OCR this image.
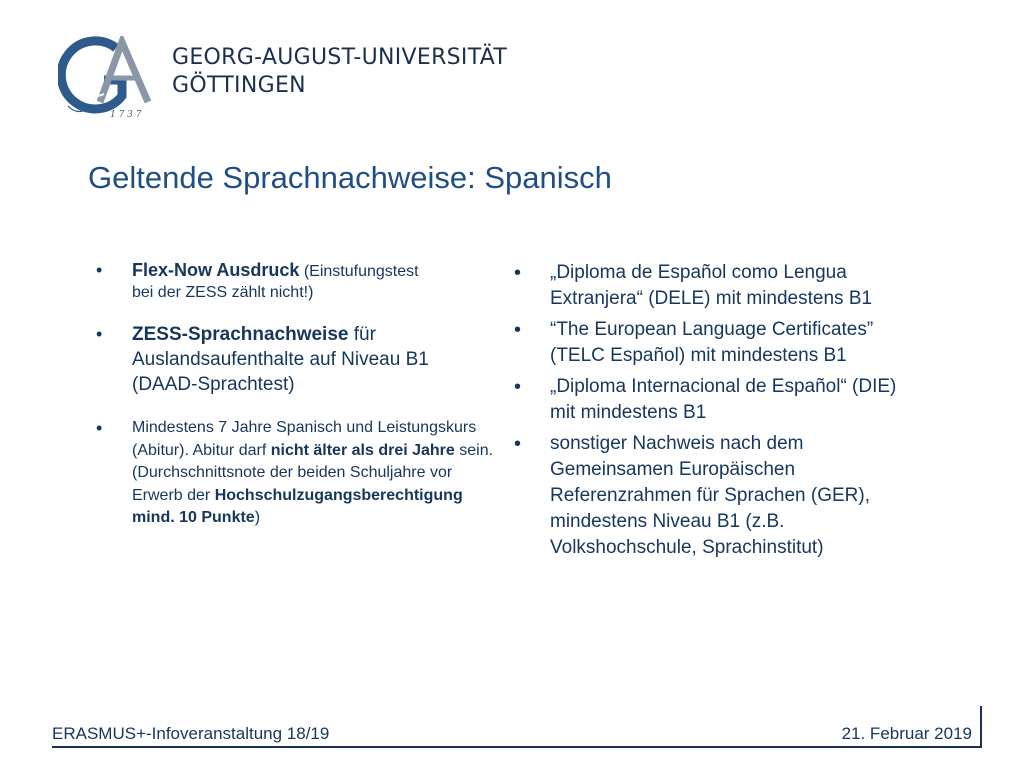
1 7 3 7
GEORG-AUGUST-UNIVERSITÄT
GÖTTINGEN
Geltende Sprachnachweise: Spanisch
•	Flex-Now Ausdruck (Einstufungstest
bei der ZESS zählt nicht!)
•	ZESS-Sprachnachweise für Auslandsaufenthalte auf Niveau B1 (DAAD-Sprachtest)
•	Mindestens 7 Jahre Spanisch und Leistungskurs (Abitur). Abitur darf nicht älter als drei Jahre sein. (Durchschnittsnote der beiden Schuljahre vor Erwerb der Hochschulzugangsberechtigung mind. 10 Punkte)
•	„Diploma de Español como Lengua Extranjera“ (DELE) mit mindestens B1
•	“The European Language Certificates” (TELC Español) mit mindestens B1
•	„Diploma Internacional de Español“ (DIE) mit mindestens B1
•	sonstiger Nachweis nach dem Gemeinsamen Europäischen Referenzrahmen für Sprachen (GER), mindestens Niveau B1 (z.B. Volkshochschule, Sprachinstitut)
ERASMUS+-Infoveranstaltung 18/19	21. Februar 2019
